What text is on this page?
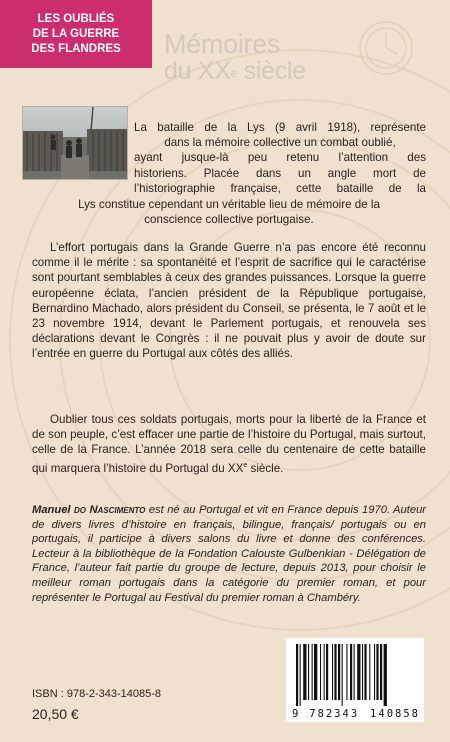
LES OUBLIÉS
DE LA GUERRE
DES FLANDRES Mémoires
du XXe siècle
La bataille de la Lys (9 avril 1918), représente
dans la mémoire collective un combat oublié,
ayant jusque-là peu retenu l’attention des
historiens. Placée dans un angle mort de
l’historiographie française, cette bataille de la
Lys constitue cependant un véritable lieu de mémoire de la
conscience collective portugaise.
L’effort portugais dans la Grande Guerre n’a pas encore été reconnu comme il le mérite : sa spontanéité et l’esprit de sacrifice qui le caractérise sont pourtant semblables à ceux des grandes puissances. Lorsque la guerre européenne éclata, l’ancien président de la République portugaise, Bernardino Machado, alors président du Conseil, se présenta, le 7 août et le 23 novembre 1914, devant le Parlement portugais, et renouvela ses déclarations devant le Congrès : il ne pouvait plus y avoir de doute sur l’entrée en guerre du Portugal aux côtés des alliés.
Oublier tous ces soldats portugais, morts pour la liberté de la France et de son peuple, c’est effacer une partie de l’histoire du Portugal, mais surtout, celle de la France. L’année 2018 sera celle du centenaire de cette bataille qui marquera l’histoire du Portugal du XXe siècle.
Manuel do Nascimento est né au Portugal et vit en France depuis 1970. Auteur de divers livres d’histoire en français, bilingue, français/ portugais ou en portugais, il participe à divers salons du livre et donne des conférences. Lecteur à la bibliothèque de la Fondation Calouste Gulbenkian - Délégation de France, l’auteur fait partie du groupe de lecture, depuis 2013, pour choisir le meilleur roman portugais dans la catégorie du premier roman, et pour représenter le Portugal au Festival du premier roman à Chambéry.
ISBN : 978-2-343-14085-8
20,50 €	9 782343 140858
